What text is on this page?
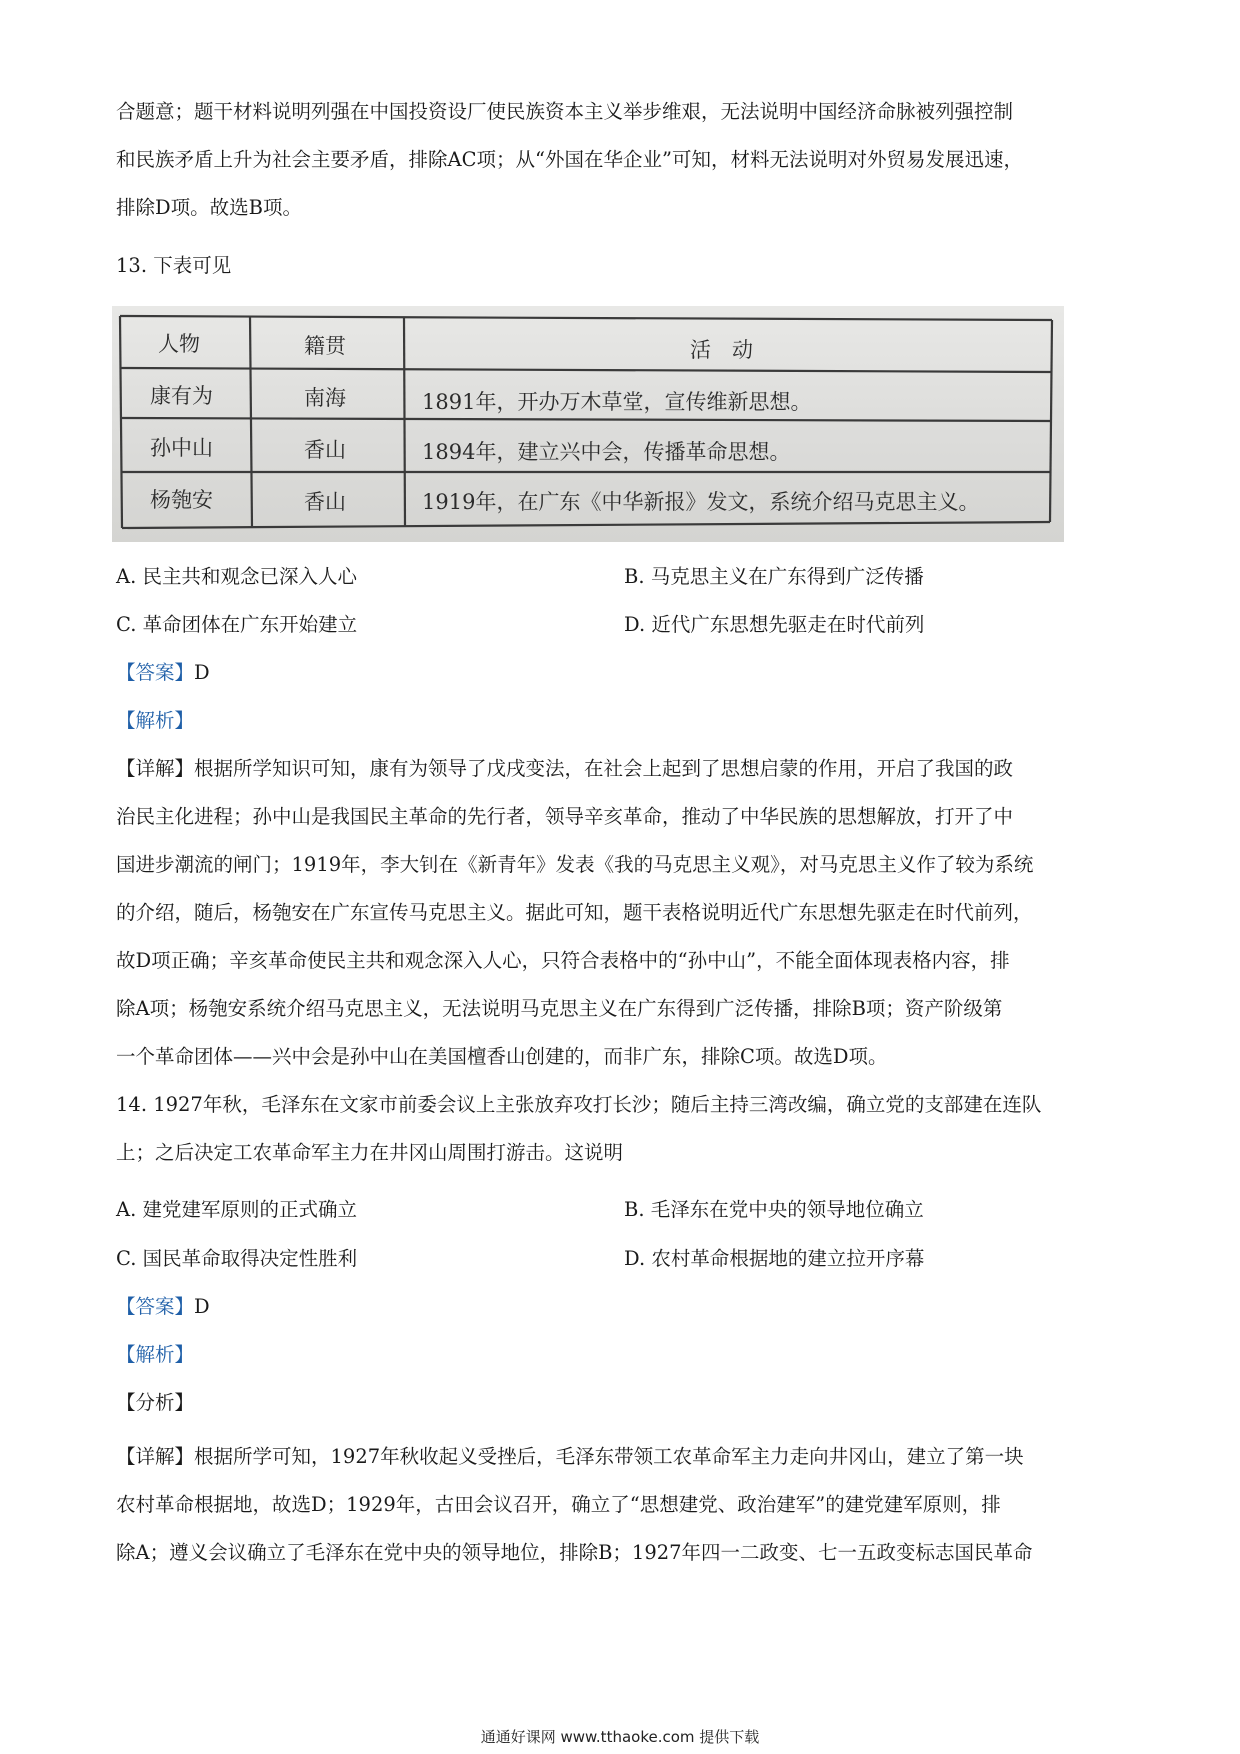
合题意；题干材料说明列强在中国投资设厂使民族资本主义举步维艰，无法说明中国经济命脉被列强控制
和民族矛盾上升为社会主要矛盾，排除AC项；从“外国在华企业”可知，材料无法说明对外贸易发展迅速，
排除D项。故选B项。
13. 下表可见
人物	籍贯	活　动
康有为	南海	1891年，开办万木草堂，宣传维新思想。
孙中山	香山	1894年，建立兴中会，传播革命思想。
杨匏安	香山	1919年，在广东《中华新报》发文，系统介绍马克思主义。
A. 民主共和观念已深入人心	B. 马克思主义在广东得到广泛传播
C. 革命团体在广东开始建立	D. 近代广东思想先驱走在时代前列
【答案】D
【解析】
【详解】根据所学知识可知，康有为领导了戊戌变法，在社会上起到了思想启蒙的作用，开启了我国的政
治民主化进程；孙中山是我国民主革命的先行者，领导辛亥革命，推动了中华民族的思想解放，打开了中
国进步潮流的闸门；1919年，李大钊在《新青年》发表《我的马克思主义观》，对马克思主义作了较为系统
的介绍，随后，杨匏安在广东宣传马克思主义。据此可知，题干表格说明近代广东思想先驱走在时代前列，
故D项正确；辛亥革命使民主共和观念深入人心，只符合表格中的“孙中山”，不能全面体现表格内容，排
除A项；杨匏安系统介绍马克思主义，无法说明马克思主义在广东得到广泛传播，排除B项；资产阶级第
一个革命团体——兴中会是孙中山在美国檀香山创建的，而非广东，排除C项。故选D项。
14. 1927年秋，毛泽东在文家市前委会议上主张放弃攻打长沙；随后主持三湾改编，确立党的支部建在连队
上；之后决定工农革命军主力在井冈山周围打游击。这说明
A. 建党建军原则的正式确立	B. 毛泽东在党中央的领导地位确立
C. 国民革命取得决定性胜利	D. 农村革命根据地的建立拉开序幕
【答案】D
【解析】
【分析】
【详解】根据所学可知，1927年秋收起义受挫后，毛泽东带领工农革命军主力走向井冈山，建立了第一块
农村革命根据地，故选D；1929年，古田会议召开，确立了“思想建党、政治建军”的建党建军原则，排
除A；遵义会议确立了毛泽东在党中央的领导地位，排除B；1927年四一二政变、七一五政变标志国民革命
通通好课网 www.tthaoke.com 提供下载
